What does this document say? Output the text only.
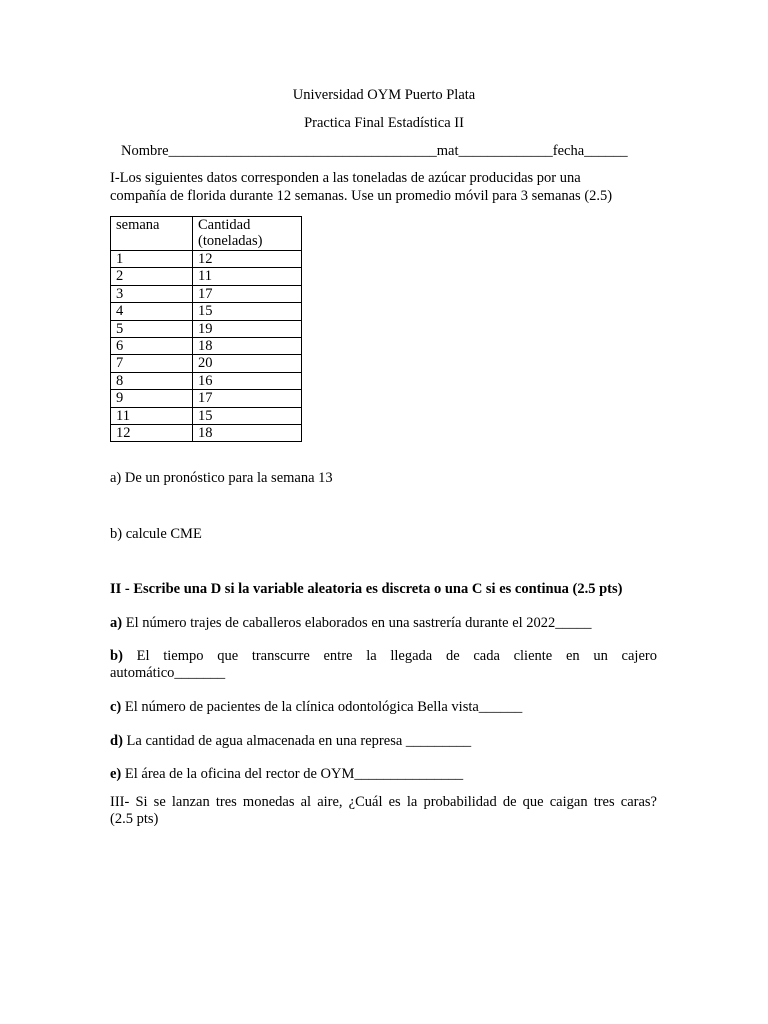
Universidad OYM Puerto Plata
Practica Final Estadística II
Nombre_____________________________________mat_____________fecha______
I-Los siguientes datos corresponden a las toneladas de azúcar producidas por una
compañía de florida durante 12 semanas. Use un promedio móvil para 3 semanas (2.5)
semana	Cantidad
(toneladas)

1	12
2	11
3	17
4	15
5	19
6	18
7	20
8	16
9	17
11	15
12	18
a) De un pronóstico para la semana 13
b) calcule CME
II - Escribe una D si la variable aleatoria es discreta o una C si es continua (2.5 pts)
a) El número trajes de caballeros elaborados en una sastrería durante el 2022_____
b) El tiempo que transcurre entre la llegada de cada cliente en un cajero
automático_______
c) El número de pacientes de la clínica odontológica Bella vista______
d) La cantidad de agua almacenada en una represa _________
e) El área de la oficina del rector de OYM_______________
III- Si se lanzan tres monedas al aire, ¿Cuál es la probabilidad de que caigan tres caras?
(2.5 pts)
